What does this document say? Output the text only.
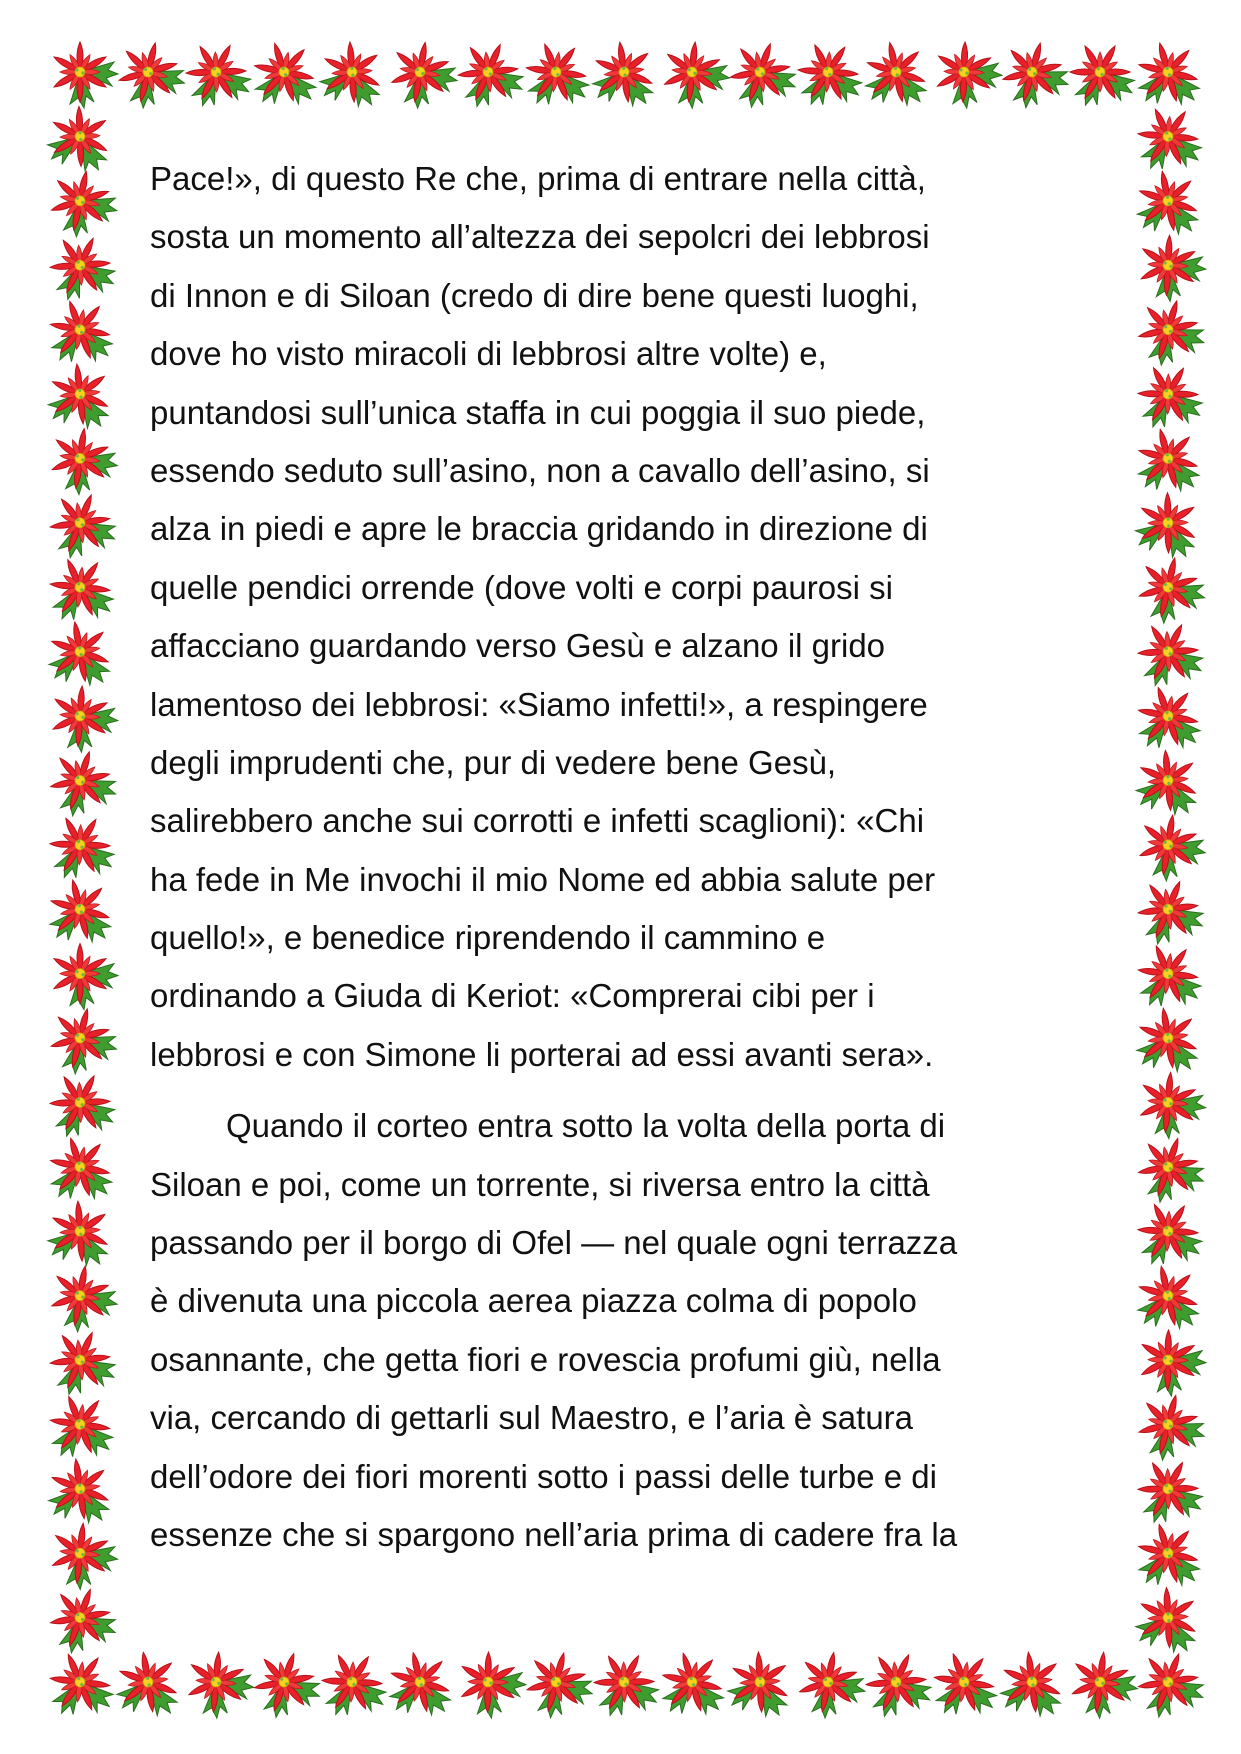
Pace!», di questo Re che, prima di entrare nella città,
sosta un momento all’altezza dei sepolcri dei lebbrosi
di Innon e di Siloan (credo di dire bene questi luoghi,
dove ho visto miracoli di lebbrosi altre volte) e,
puntandosi sull’unica staffa in cui poggia il suo piede,
essendo seduto sull’asino, non a cavallo dell’asino, si
alza in piedi e apre le braccia gridando in direzione di
quelle pendici orrende (dove volti e corpi paurosi si
affacciano guardando verso Gesù e alzano il grido
lamentoso dei lebbrosi: «Siamo infetti!», a respingere
degli imprudenti che, pur di vedere bene Gesù,
salirebbero anche sui corrotti e infetti scaglioni): «Chi
ha fede in Me invochi il mio Nome ed abbia salute per
quello!», e benedice riprendendo il cammino e
ordinando a Giuda di Keriot: «Comprerai cibi per i
lebbrosi e con Simone li porterai ad essi avanti sera».
Quando il corteo entra sotto la volta della porta di
Siloan e poi, come un torrente, si riversa entro la città
passando per il borgo di Ofel — nel quale ogni terrazza
è divenuta una piccola aerea piazza colma di popolo
osannante, che getta fiori e rovescia profumi giù, nella
via, cercando di gettarli sul Maestro, e l’aria è satura
dell’odore dei fiori morenti sotto i passi delle turbe e di
essenze che si spargono nell’aria prima di cadere fra la
